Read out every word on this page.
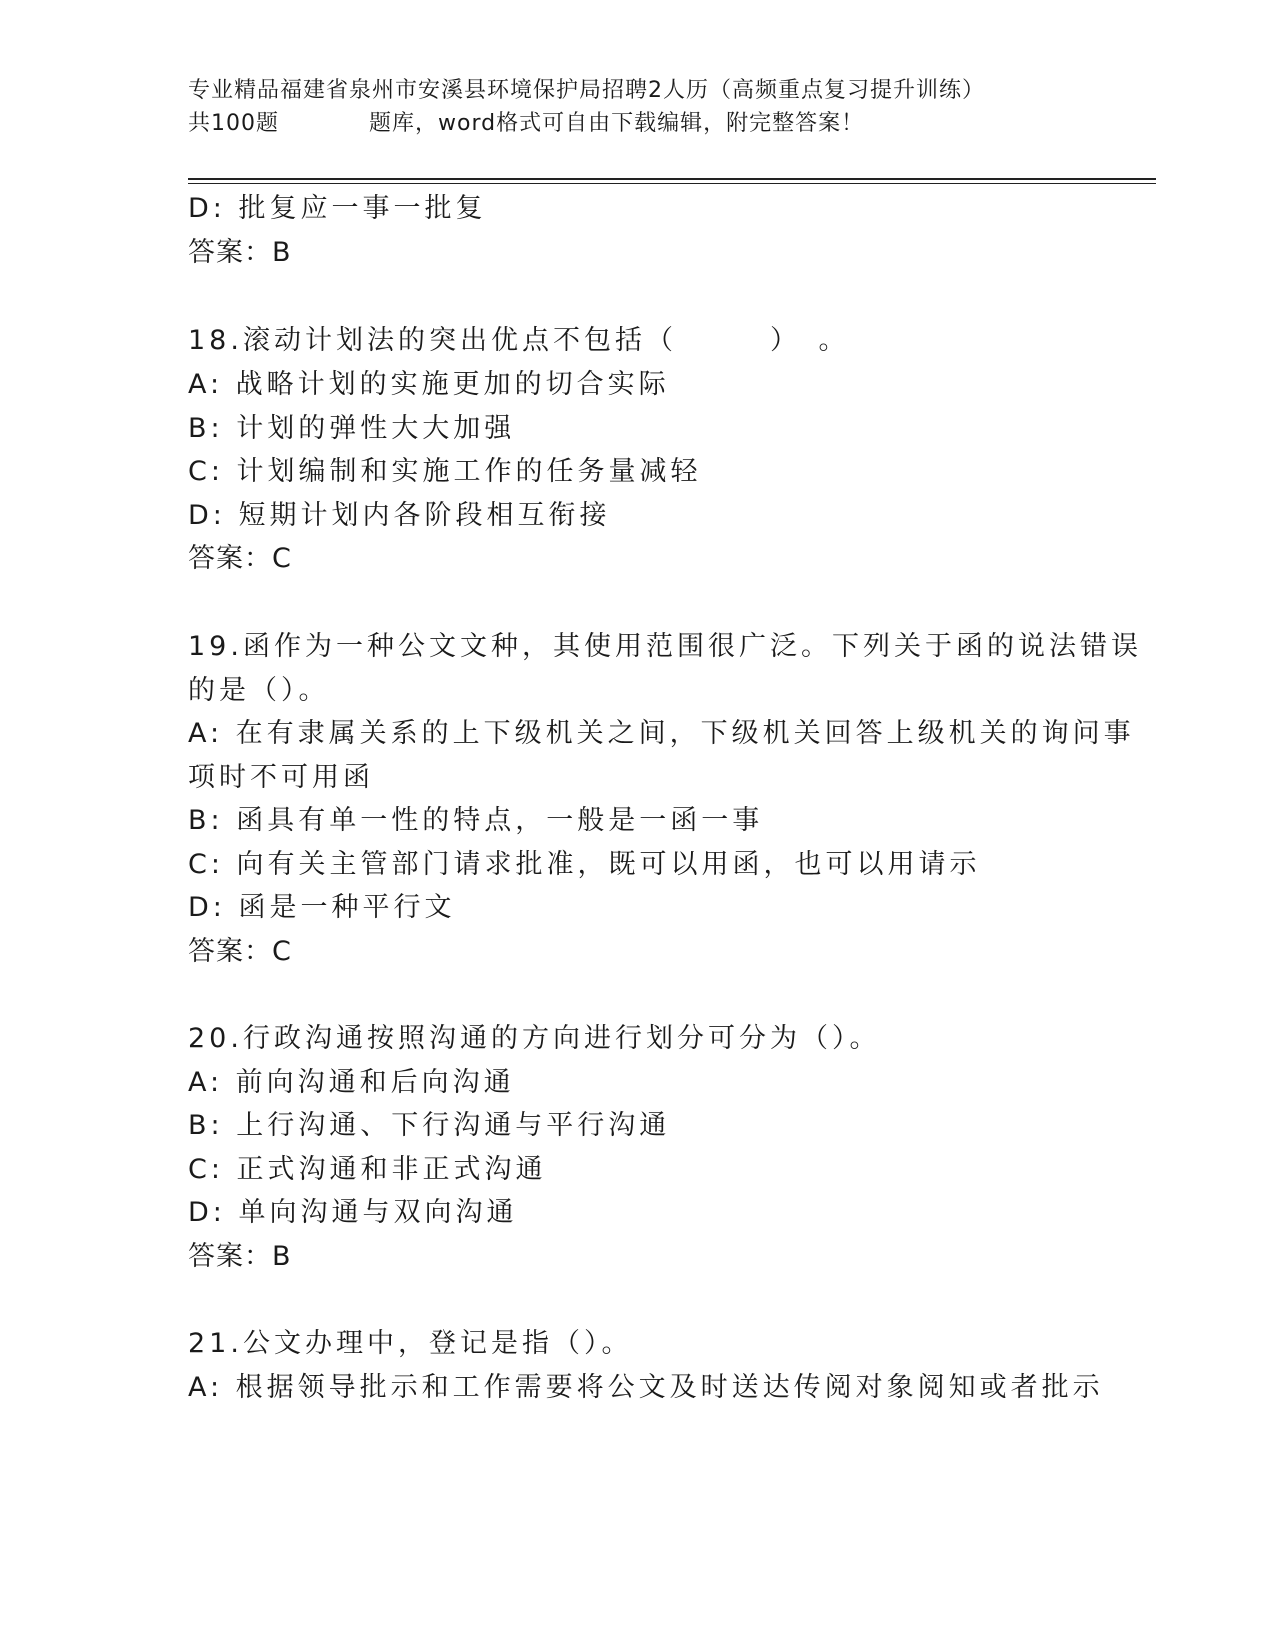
专业精品福建省泉州市安溪县环境保护局招聘2人历（高频重点复习提升训练）
共100题	题库，word格式可自由下载编辑，附完整答案！
D: 批复应一事一批复
答案：B
18.滚动计划法的突出优点不包括（　　　）　。
A: 战略计划的实施更加的切合实际
B: 计划的弹性大大加强
C: 计划编制和实施工作的任务量减轻
D: 短期计划内各阶段相互衔接
答案：C
19.函作为一种公文文种，其使用范围很广泛。下列关于函的说法错误
的是（）。
A: 在有隶属关系的上下级机关之间，下级机关回答上级机关的询问事
项时不可用函
B: 函具有单一性的特点，一般是一函一事
C: 向有关主管部门请求批准，既可以用函，也可以用请示
D: 函是一种平行文
答案：C
20.行政沟通按照沟通的方向进行划分可分为（）。
A: 前向沟通和后向沟通
B: 上行沟通、下行沟通与平行沟通
C: 正式沟通和非正式沟通
D: 单向沟通与双向沟通
答案：B
21.公文办理中，登记是指（）。
A: 根据领导批示和工作需要将公文及时送达传阅对象阅知或者批示
